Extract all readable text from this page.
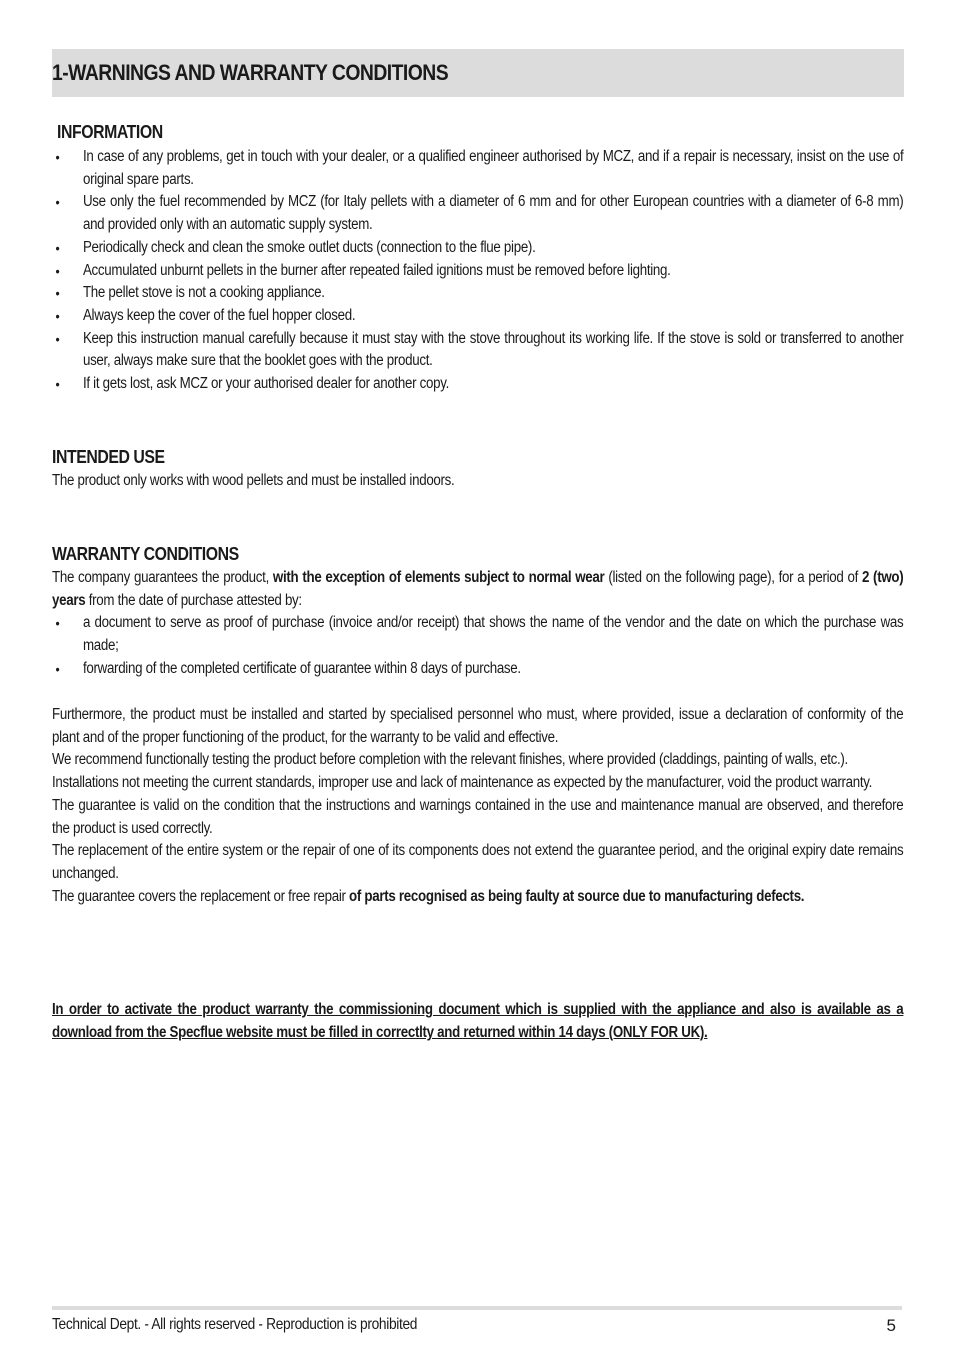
1-WARNINGS AND WARRANTY CONDITIONS
INFORMATION
• In case of any problems, get in touch with your dealer, or a qualified engineer authorised by MCZ, and if a repair is necessary, insist on the use of original spare parts.
• Use only the fuel recommended by MCZ (for Italy pellets with a diameter of 6 mm and for other European countries with a diameter of 6-8 mm) and provided only with an automatic supply system.
• Periodically check and clean the smoke outlet ducts (connection to the flue pipe).
• Accumulated unburnt pellets in the burner after repeated failed ignitions must be removed before lighting.
• The pellet stove is not a cooking appliance.
• Always keep the cover of the fuel hopper closed.
• Keep this instruction manual carefully because it must stay with the stove throughout its working life. If the stove is sold or transferred to another user, always make sure that the booklet goes with the product.
• If it gets lost, ask MCZ or your authorised dealer for another copy.
INTENDED USE

The product only works with wood pellets and must be installed indoors.

WARRANTY CONDITIONS

The company guarantees the product, with the exception of elements subject to normal wear (listed on the following page), for a period of 2 (two) years from the date of purchase attested by:

• a document to serve as proof of purchase (invoice and/or receipt) that shows the name of the vendor and the date on which the purchase was made;
• forwarding of the completed certificate of guarantee within 8 days of purchase.

Furthermore, the product must be installed and started by specialised personnel who must, where provided, issue a declaration of conformity of the plant and of the proper functioning of the product, for the warranty to be valid and effective.

We recommend functionally testing the product before completion with the relevant finishes, where provided (claddings, painting of walls, etc.).

Installations not meeting the current standards, improper use and lack of maintenance as expected by the manufacturer, void the product warranty.

The guarantee is valid on the condition that the instructions and warnings contained in the use and maintenance manual are observed, and therefore the product is used correctly.

The replacement of the entire system or the repair of one of its components does not extend the guarantee period, and the original expiry date remains unchanged.

The guarantee covers the replacement or free repair of parts recognised as being faulty at source due to manufacturing defects.

In order to activate the product warranty the commissioning document which is supplied with the appliance and also is available as a download from the Specflue website must be filled in correctlty and returned within 14 days (ONLY FOR UK).

Technical Dept. - All rights reserved - Reproduction is prohibited	5
